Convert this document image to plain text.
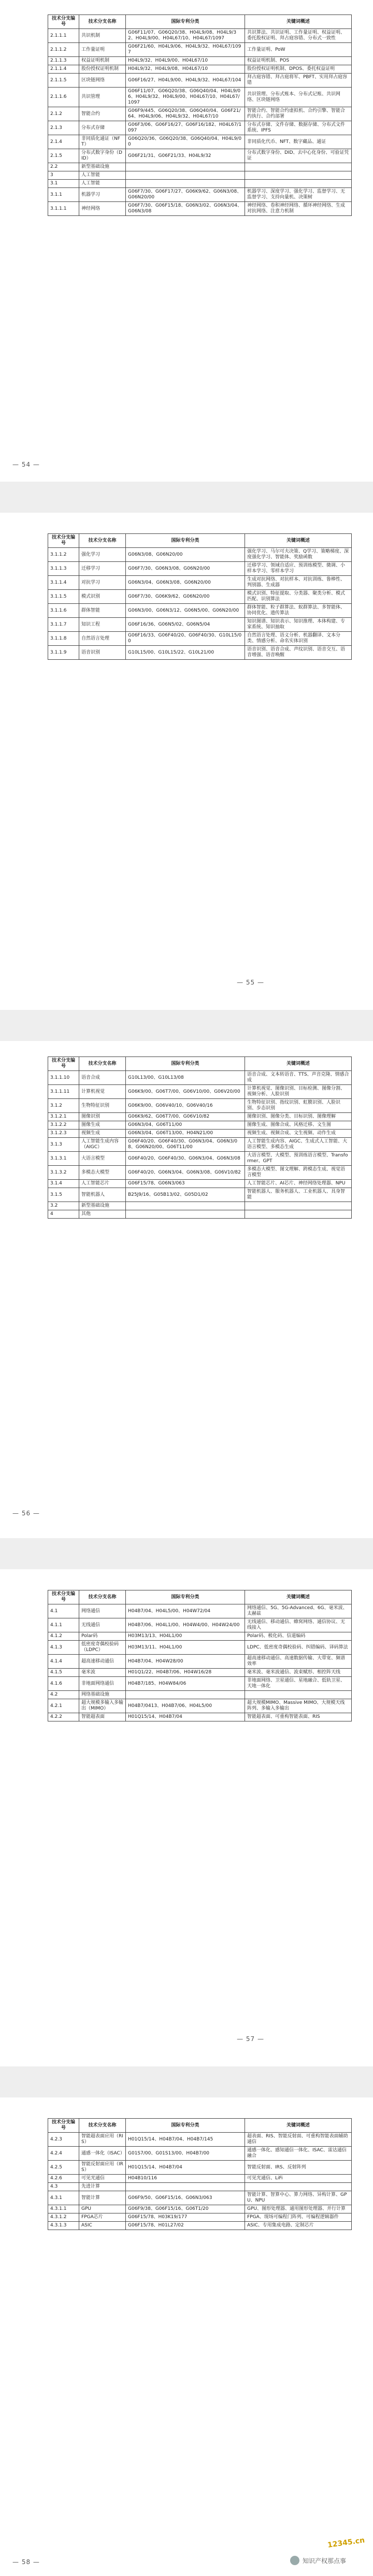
技术分支编号	技术分支名称	国际专利分类	关键词概述
2.1.1.1	共识机制	G06F11/07、G06Q20/38、H04L9/08、H04L9/32、H04L9/00、H04L67/10、H04L67/1097	共识算法、共识证明、工作量证明、权益证明、委托股权证明、拜占庭容错、分布式一致性
2.1.1.2	工作量证明	G06F21/60、H04L9/06、H04L9/32、H04L67/1097	工作量证明、PoW
2.1.1.3	权益证明机制	H04L9/32、H04L9/00、H04L67/10	权益证明机制、POS
2.1.1.4	股份授权证明机制	H04L9/32、H04L9/08、H04L67/10	股份授权证明机制、DPOS、委托权益证明
2.1.1.5	区块链网络	G06F16/27、H04L9/00、H04L9/32、H04L67/104	拜占庭容错、拜占庭将军、PBFT、实用拜占庭容错
2.1.1.6	共识管理	G06F11/07、G06Q20/38、G06Q40/04、H04L9/06、H04L9/32、H04L9/00、H04L67/10、H04L67/1097	共识管理、分布式账本、分布式记账、共识网络、区块链网络
2.1.2	智能合约	G06F9/445、G06Q20/38、G06Q40/04、G06F21/64、H04L9/06、H04L9/32、H04L67/10	智能合约、智能合约虚拟机、合约引擎、智能合约执行、合约部署
2.1.3	分布式存储	G06F3/06、G06F16/27、G06F16/182、H04L67/1097	分布式存储、文件存储、数据存储、分布式文件系统、IPFS
2.1.4	非同质化通证（NFT）	G06Q20/36、G06Q20/38、G06Q40/04、H04L9/00	非同质化代币、NFT、数字藏品、通证
2.1.5	分布式数字身份（DID）	G06F21/31、G06F21/33、H04L9/32	分布式数字身份、DID、去中心化身份、可验证凭证
2.2	新型基础设施		
3	人工智能		
3.1	人工智能		
3.1.1	机器学习	G06F7/30、G06F17/27、G06K9/62、G06N3/08、G06N20/00	机器学习、深度学习、强化学习、监督学习、无监督学习、支持向量机、决策树
3.1.1.1	神经网络	G06F7/30、G06F15/18、G06N3/02、G06N3/04、G06N3/08	神经网络、卷积神经网络、循环神经网络、生成对抗网络、注意力机制
— 54 —
技术分支编号	技术分支名称	国际专利分类	关键词概述
3.1.1.2	强化学习	G06N3/08、G06N20/00	强化学习、马尔可夫决策、Q学习、策略梯度、深度强化学习、智能体、奖励函数
3.1.1.3	迁移学习	G06F7/30、G06N3/08、G06N20/00	迁移学习、领域自适应、预训练模型、微调、小样本学习、零样本学习
3.1.1.4	对抗学习	G06N3/04、G06N3/08、G06N20/00	生成对抗网络、对抗样本、对抗训练、鲁棒性、判别器、生成器
3.1.1.5	模式识别	G06F7/30、G06K9/62、G06N20/00	模式识别、特征提取、分类器、聚类分析、模式匹配、识别算法
3.1.1.6	群体智能	G06N3/00、G06N3/12、G06N5/00、G06N20/00	群体智能、粒子群算法、蚁群算法、多智能体、协同优化、遗传算法
3.1.1.7	知识工程	G06F16/36、G06N5/02、G06N5/04	知识图谱、知识表示、知识推理、本体构建、专家系统、知识抽取
3.1.1.8	自然语言处理	G06F16/33、G06F40/20、G06F40/30、G10L15/00	自然语言处理、语义分析、机器翻译、文本分类、情感分析、命名实体识别
3.1.1.9	语音识别	G10L15/00、G10L15/22、G10L21/00	语音识别、语音合成、声纹识别、语音交互、语音增强、语音唤醒
— 55 —
技术分支编号	技术分支名称	国际专利分类	关键词概述
3.1.1.10	语音合成	G10L13/00、G10L13/08	语音合成、文本转语音、TTS、声音克隆、情感合成
3.1.1.11	计算机视觉	G06K9/00、G06T7/00、G06V10/00、G06V20/00	计算机视觉、图像识别、目标检测、图像分割、视频分析、人脸识别
3.1.2	生物特征识别	G06K9/00、G06V40/10、G06V40/16	生物特征识别、指纹识别、虹膜识别、人脸识别、步态识别
3.1.2.1	图像识别	G06K9/62、G06T7/00、G06V10/82	图像识别、图像分类、目标识别、图像理解
3.1.2.2	图像生成	G06N3/04、G06T11/00	图像生成、图像合成、风格迁移、文生图
3.1.2.3	视频生成	G06N3/04、G06T13/00、H04N21/00	视频生成、视频合成、文生视频、动作生成
3.1.3	人工智能生成内容（AIGC）	G06F40/20、G06F40/30、G06N3/04、G06N3/08、G06N20/00、G06T11/00	人工智能生成内容、AIGC、生成式人工智能、大语言模型、多模态生成
3.1.3.1	大语言模型	G06F40/20、G06F40/30、G06N3/04、G06N3/08	大语言模型、大模型、预训练语言模型、Transformer、GPT
3.1.3.2	多模态大模型	G06F40/20、G06N3/04、G06N3/08、G06V10/82	多模态大模型、图文理解、跨模态生成、视觉语言模型
3.1.4	人工智能芯片	G06F15/78、G06N3/063	人工智能芯片、AI芯片、神经网络处理器、NPU
3.1.5	智能机器人	B25J9/16、G05B13/02、G05D1/02	智能机器人、服务机器人、工业机器人、具身智能
3.2	新型基础设施		
4	其他		
— 56 —
技术分支编号	技术分支名称	国际专利分类	关键词概述
4.1	网络通信	H04B7/04、H04L5/00、H04W72/04	网络通信、5G、5G-Advanced、6G、毫米波、太赫兹
4.1.1	无线通信	H04B7/06、H04L1/00、H04W4/00、H04W24/00	无线通信、移动通信、蜂窝网络、通信协议、无线接入
4.1.2	Polar码	H03M13/13、H04L1/00	Polar码、极化码、信道编码
4.1.3	低密度奇偶校验码（LDPC）	H03M13/11、H04L1/00	LDPC、低密度奇偶校验码、纠错编码、译码算法
4.1.4	超高速移动通信	H04B7/04、H04W28/00	超高速移动通信、高速数据传输、大带宽、频谱效率
4.1.5	毫米波	H01Q1/22、H04B7/06、H04W16/28	毫米波、毫米波通信、波束赋形、相控阵天线
4.1.6	非地面网络通信	H04B7/185、H04W84/06	非地面网络、卫星通信、星地融合、低轨卫星、天地一体化
4.2	网络基础设施		
4.2.1	超大规模多输入多输出（MIMO）	H04B7/0413、H04B7/06、H04L5/00	超大规模MIMO、Massive MIMO、大规模天线阵列、多输入多输出
4.2.2	智能超表面	H01Q15/14、H04B7/04	智能超表面、可重构智能表面、RIS
— 57 —
技术分支编号	技术分支名称	国际专利分类	关键词概述
4.2.3	智能超表面应用（RIS）	H01Q15/14、H04B7/04、H04B7/145	超表面、RIS、智能反射面、可重构智能表面辅助通信
4.2.4	通感一体化（ISAC）	G01S7/00、G01S13/00、H04B7/00	通感一体化、感知通信一体化、ISAC、雷达通信融合
4.2.5	智能反射面应用（IRS）	H01Q15/14、H04B7/04	智能反射面、IRS、反射阵列
4.2.6	可见光通信	H04B10/116	可见光通信、LiFi
4.3	先进计算		
4.3.1	智能计算	G06F9/50、G06F15/16、G06N3/063	智能计算、智算中心、算力网络、异构计算、GPU、NPU
4.3.1.1	GPU	G06F9/38、G06F15/16、G06T1/20	GPU、图形处理器、通用图形处理器、并行计算
4.3.1.2	FPGA芯片	G06F15/78、H03K19/177	FPGA、现场可编程门阵列、可编程逻辑器件
4.3.1.3	ASIC	G06F15/78、H01L27/02	ASIC、专用集成电路、定制芯片
— 58 —
12345.cn
知识产权那点事
